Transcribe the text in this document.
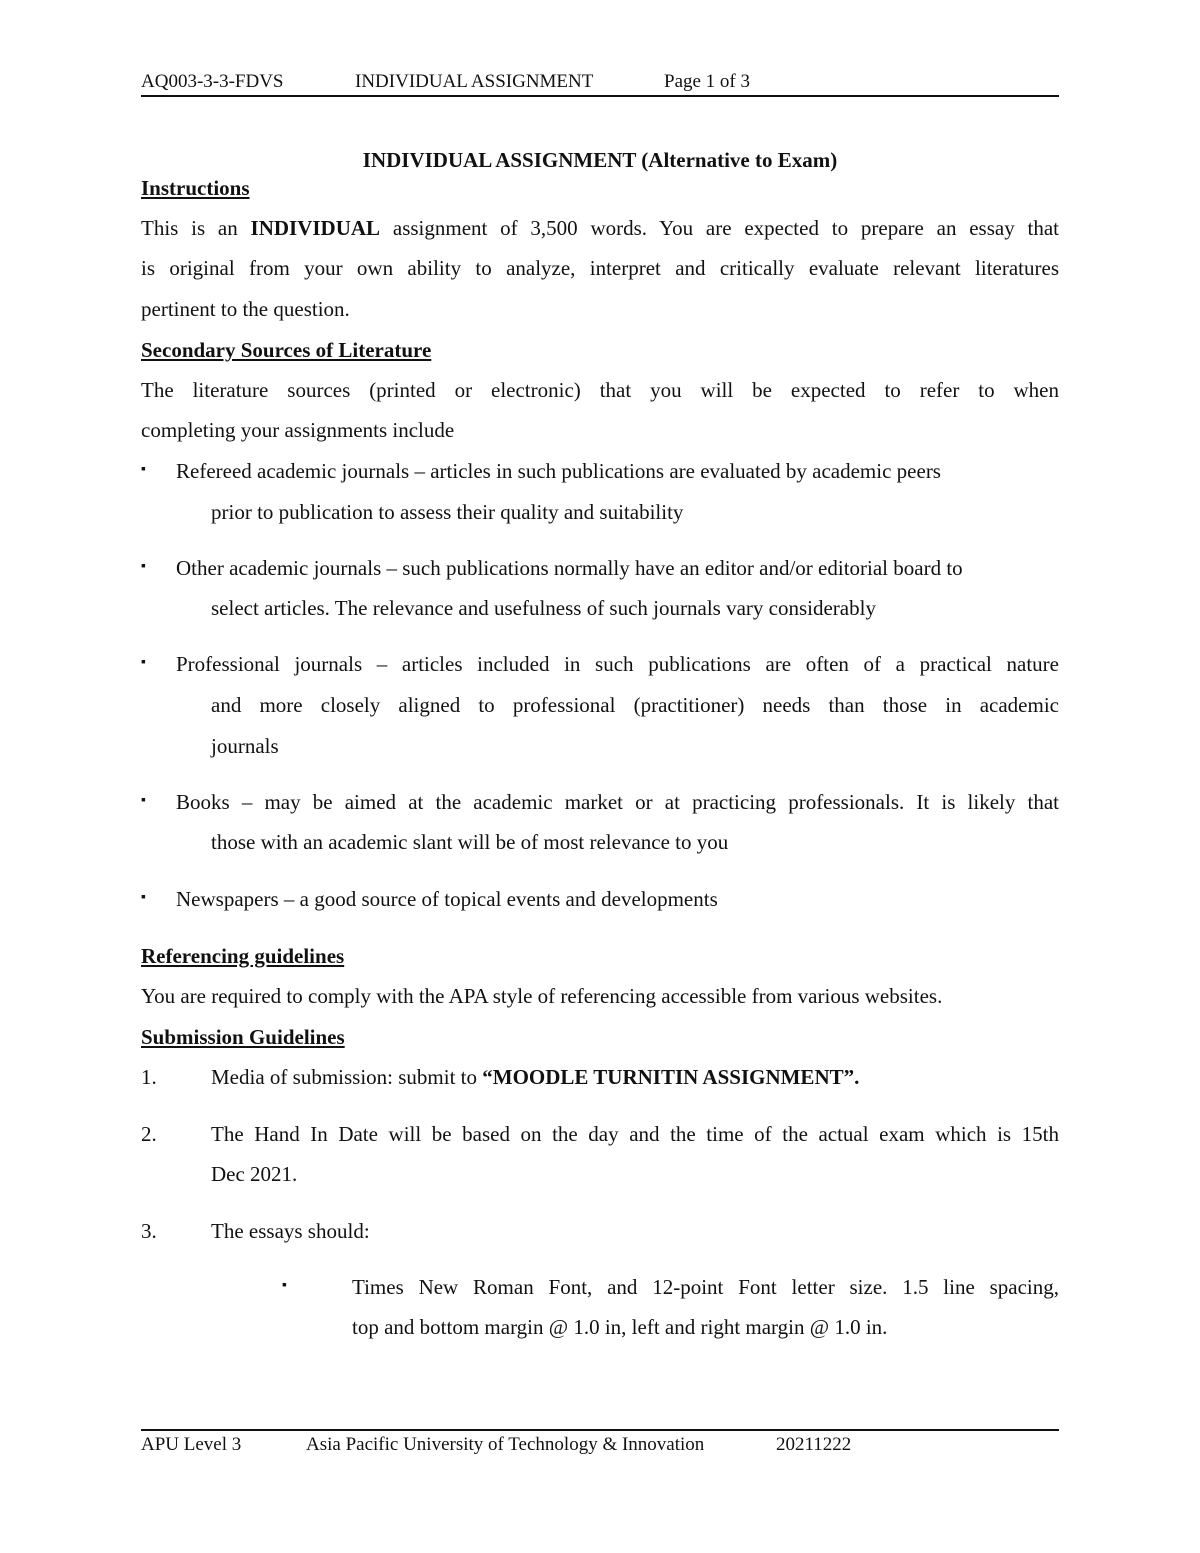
AQ003-3-3-FDVS	INDIVIDUAL ASSIGNMENT	Page 1 of 3
INDIVIDUAL ASSIGNMENT (Alternative to Exam)
Instructions
This is an INDIVIDUAL assignment of 3,500 words. You are expected to prepare an essay that
is original from your own ability to analyze, interpret and critically evaluate relevant literatures
pertinent to the question.
Secondary Sources of Literature
The literature sources (printed or electronic) that you will be expected to refer to when
completing your assignments include
▪ Refereed academic journals – articles in such publications are evaluated by academic peers
prior to publication to assess their quality and suitability
▪ Other academic journals – such publications normally have an editor and/or editorial board to
select articles. The relevance and usefulness of such journals vary considerably
▪ Professional journals – articles included in such publications are often of a practical nature
and more closely aligned to professional (practitioner) needs than those in academic
journals
▪ Books – may be aimed at the academic market or at practicing professionals. It is likely that
those with an academic slant will be of most relevance to you
▪ Newspapers – a good source of topical events and developments
Referencing guidelines
You are required to comply with the APA style of referencing accessible from various websites.
Submission Guidelines
1.	Media of submission: submit to “MOODLE TURNITIN ASSIGNMENT”.
2.	The Hand In Date will be based on the day and the time of the actual exam which is 15th
Dec 2021.
3.	The essays should:
▪	Times New Roman Font, and 12-point Font letter size. 1.5 line spacing,
top and bottom margin @ 1.0 in, left and right margin @ 1.0 in.
APU Level 3	Asia Pacific University of Technology & Innovation	20211222
